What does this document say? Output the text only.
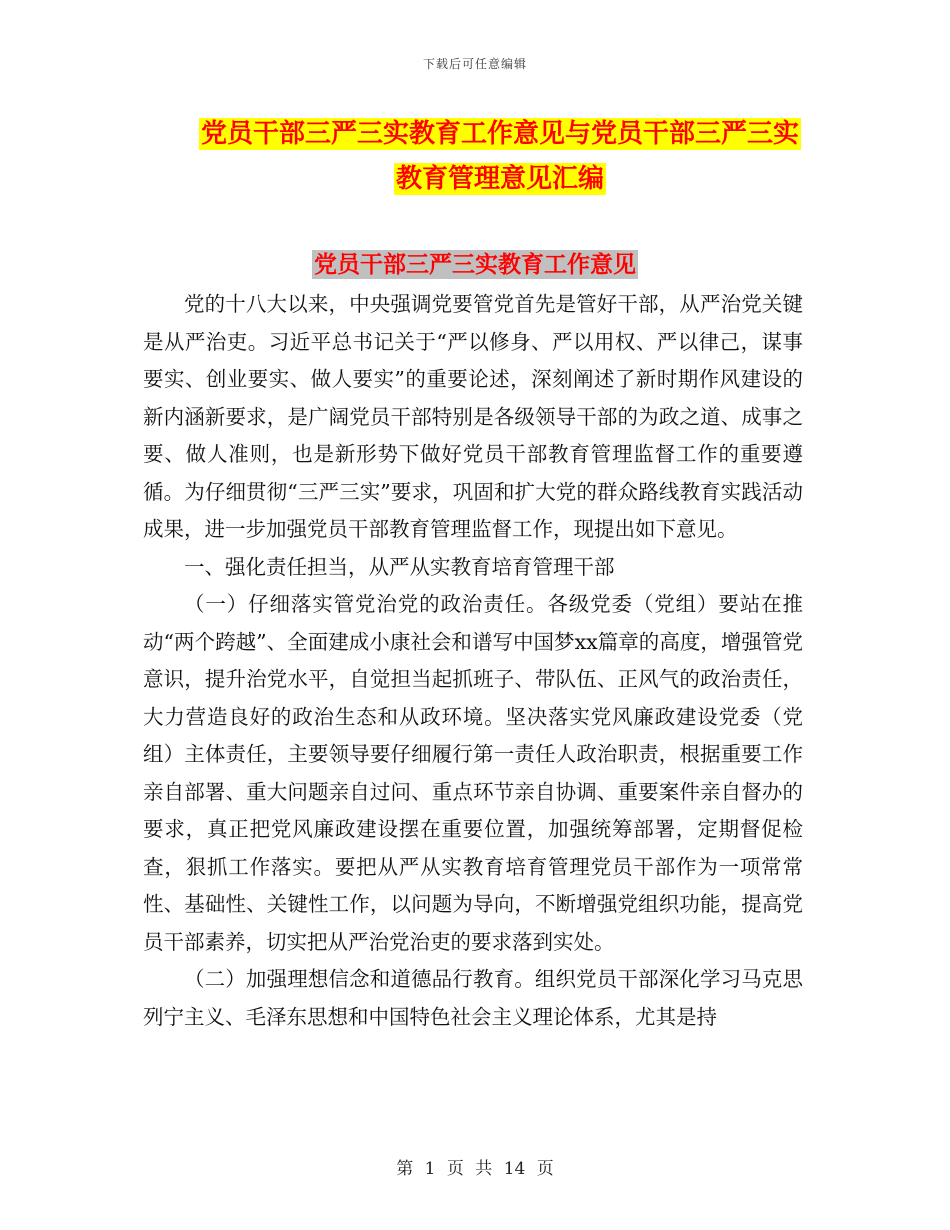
下载后可任意编辑
党员干部三严三实教育工作意见与党员干部三严三实
教育管理意见汇编
党员干部三严三实教育工作意见

党的十八大以来，中央强调党要管党首先是管好干部，从严治党关键是从严治吏。习近平总书记关于“严以修身、严以用权、严以律己，谋事要实、创业要实、做人要实”的重要论述，深刻阐述了新时期作风建设的新内涵新要求，是广阔党员干部特别是各级领导干部的为政之道、成事之要、做人准则，也是新形势下做好党员干部教育管理监督工作的重要遵循。为仔细贯彻“三严三实”要求，巩固和扩大党的群众路线教育实践活动成果，进一步加强党员干部教育管理监督工作，现提出如下意见。

一、强化责任担当，从严从实教育培育管理干部

（一）仔细落实管党治党的政治责任。各级党委（党组）要站在推动“两个跨越”、全面建成小康社会和谱写中国梦xx篇章的高度，增强管党意识，提升治党水平，自觉担当起抓班子、带队伍、正风气的政治责任，大力营造良好的政治生态和从政环境。坚决落实党风廉政建设党委（党组）主体责任，主要领导要仔细履行第一责任人政治职责，根据重要工作亲自部署、重大问题亲自过问、重点环节亲自协调、重要案件亲自督办的要求，真正把党风廉政建设摆在重要位置，加强统筹部署，定期督促检查，狠抓工作落实。要把从严从实教育培育管理党员干部作为一项常常性、基础性、关键性工作，以问题为导向，不断增强党组织功能，提高党员干部素养，切实把从严治党治吏的要求落到实处。

（二）加强理想信念和道德品行教育。组织党员干部深化学习马克思列宁主义、毛泽东思想和中国特色社会主义理论体系，尤其是持

第 1 页 共 14 页
